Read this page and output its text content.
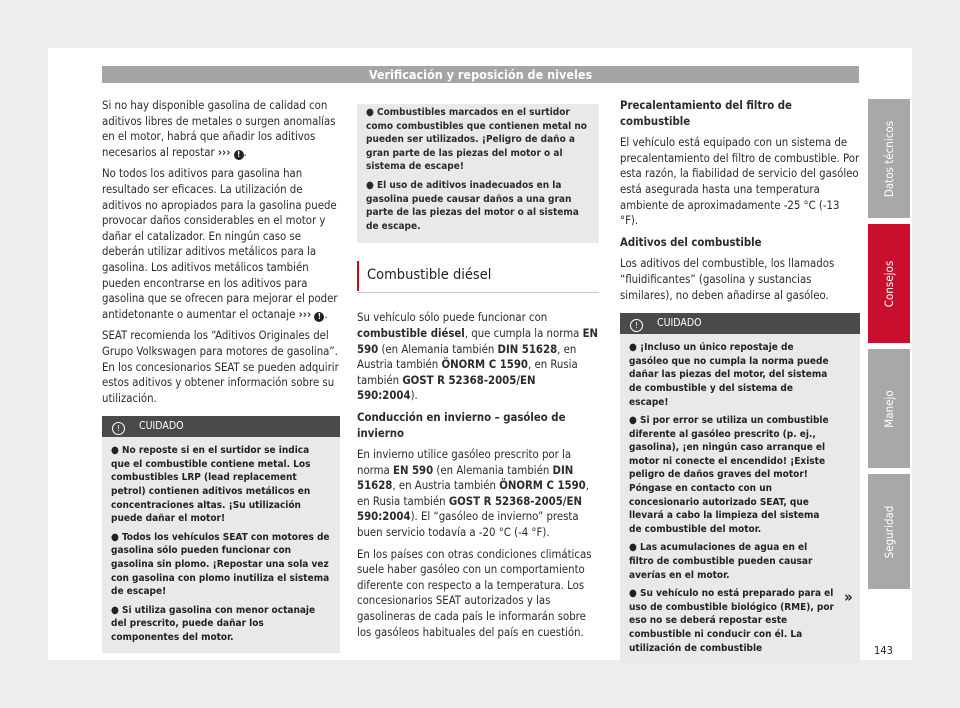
Verificación y reposición de niveles

Si no hay disponible gasolina de calidad con aditivos libres de metales o surgen anomalías en el motor, habrá que añadir los aditivos necesarios al repostar ››› ! .

No todos los aditivos para gasolina han resultado ser eficaces. La utilización de aditivos no apropiados para la gasolina puede provocar daños considerables en el motor y dañar el catalizador. En ningún caso se deberán utilizar aditivos metálicos para la gasolina. Los aditivos metálicos también pueden encontrarse en los aditivos para gasolina que se ofrecen para mejorar el poder antidetonante o aumentar el octanaje ››› ! .

SEAT recomienda los “Aditivos Originales del Grupo Volkswagen para motores de gasolina”. En los concesionarios SEAT se pueden adquirir estos aditivos y obtener información sobre su utilización.

! CUIDADO
● No reposte si en el surtidor se indica que el combustible contiene metal. Los combustibles LRP (lead replacement petrol) contienen aditivos metálicos en concentraciones altas. ¡Su utilización puede dañar el motor!
● Todos los vehículos SEAT con motores de gasolina sólo pueden funcionar con gasolina sin plomo. ¡Repostar una sola vez con gasolina con plomo inutiliza el sistema de escape!
● Si utiliza gasolina con menor octanaje del prescrito, puede dañar los componentes del motor.
● Combustibles marcados en el surtidor como combustibles que contienen metal no pueden ser utilizados. ¡Peligro de daño a gran parte de las piezas del motor o al sistema de escape!
● El uso de aditivos inadecuados en la gasolina puede causar daños a una gran parte de las piezas del motor o al sistema de escape.
Combustible diésel

Su vehículo sólo puede funcionar con combustible diésel, que cumpla la norma EN 590 (en Alemania también DIN 51628, en Austria también ÖNORM C 1590, en Rusia también GOST R 52368-2005/EN 590:2004).

Conducción en invierno – gasóleo de invierno

En invierno utilice gasóleo prescrito por la norma EN 590 (en Alemania también DIN 51628, en Austria también ÖNORM C 1590, en Rusia también GOST R 52368-2005/EN 590:2004). El “gasóleo de invierno” presta buen servicio todavía a -20 °C (-4 °F).

En los países con otras condiciones climáticas suele haber gasóleo con un comportamiento diferente con respecto a la temperatura. Los concesionarios SEAT autorizados y las gasolineras de cada país le informarán sobre los gasóleos habituales del país en cuestión.

Precalentamiento del filtro de combustible

El vehículo está equipado con un sistema de precalentamiento del filtro de combustible. Por esta razón, la fiabilidad de servicio del gasóleo está asegurada hasta una temperatura ambiente de aproximadamente -25 °C (-13 °F).

Aditivos del combustible

Los aditivos del combustible, los llamados “fluidificantes” (gasolina y sustancias similares), no deben añadirse al gasóleo.

! CUIDADO
● ¡Incluso un único repostaje de gasóleo que no cumpla la norma puede dañar las piezas del motor, del sistema de combustible y del sistema de escape!
● Si por error se utiliza un combustible diferente al gasóleo prescrito (p. ej., gasolina), ¡en ningún caso arranque el motor ni conecte el encendido! ¡Existe peligro de daños graves del motor! Póngase en contacto con un concesionario autorizado SEAT, que llevará a cabo la limpieza del sistema de combustible del motor.
● Las acumulaciones de agua en el filtro de combustible pueden causar averías en el motor.
● Su vehículo no está preparado para el uso de combustible biológico (RME), por eso no se deberá repostar este combustible ni conducir con él. La utilización de combustible
»
Datos técnicos
Consejos
Manejo
Seguridad
143
